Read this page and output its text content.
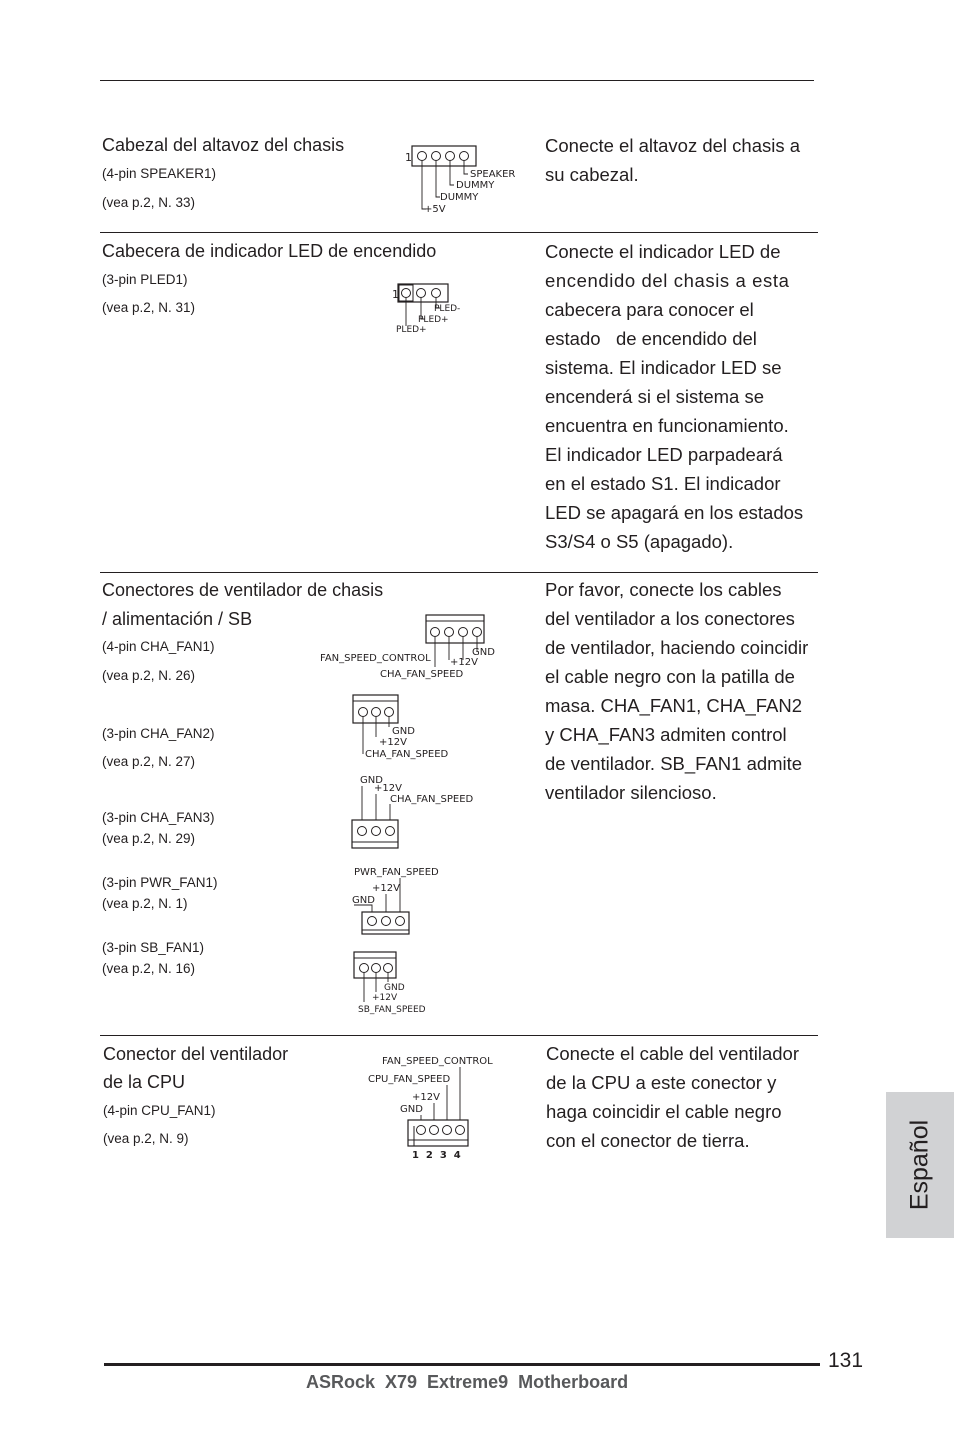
Cabezal del altavoz del chasis
(4-pin SPEAKER1)
(vea p.2, N. 33)
1
SPEAKER
DUMMY
DUMMY
+5V
Conecte el altavoz del chasis a
su cabezal.
Cabecera de indicador LED de encendido
(3-pin PLED1)
(vea p.2, N. 31)
1
PLED-
PLED+
PLED+
Conecte el indicador LED de
encendido del chasis a esta
cabecera para conocer el
estado   de encendido del
sistema. El indicador LED se
encenderá si el sistema se
encuentra en funcionamiento.
El indicador LED parpadeará
en el estado S1. El indicador
LED se apagará en los estados
S3/S4 o S5 (apagado).
Conectores de ventilador de chasis
/ alimentación / SB
(4-pin CHA_FAN1)
(vea p.2, N. 26)
(3-pin CHA_FAN2)
(vea p.2, N. 27)
(3-pin CHA_FAN3)
(vea p.2, N. 29)
(3-pin PWR_FAN1)
(vea p.2, N. 1)
(3-pin SB_FAN1)
(vea p.2, N. 16)
GND
+12V
FAN_SPEED_CONTROL
CHA_FAN_SPEED
GND
+12V
CHA_FAN_SPEED
GND
+12V
CHA_FAN_SPEED
PWR_FAN_SPEED
+12V
GND
GND
+12V
SB_FAN_SPEED
Por favor, conecte los cables
del ventilador a los conectores
de ventilador, haciendo coincidir
el cable negro con la patilla de
masa. CHA_FAN1, CHA_FAN2
y CHA_FAN3 admiten control
de ventilador. SB_FAN1 admite
ventilador silencioso.
Conector del ventilador
de la CPU
(4-pin CPU_FAN1)
(vea p.2, N. 9)
FAN_SPEED_CONTROL
CPU_FAN_SPEED
+12V
GND
1  2  3  4
Conecte el cable del ventilador
de la CPU a este conector y
haga coincidir el cable negro
con el conector de tierra.	Español
131
ASRock  X79  Extreme9  Motherboard
